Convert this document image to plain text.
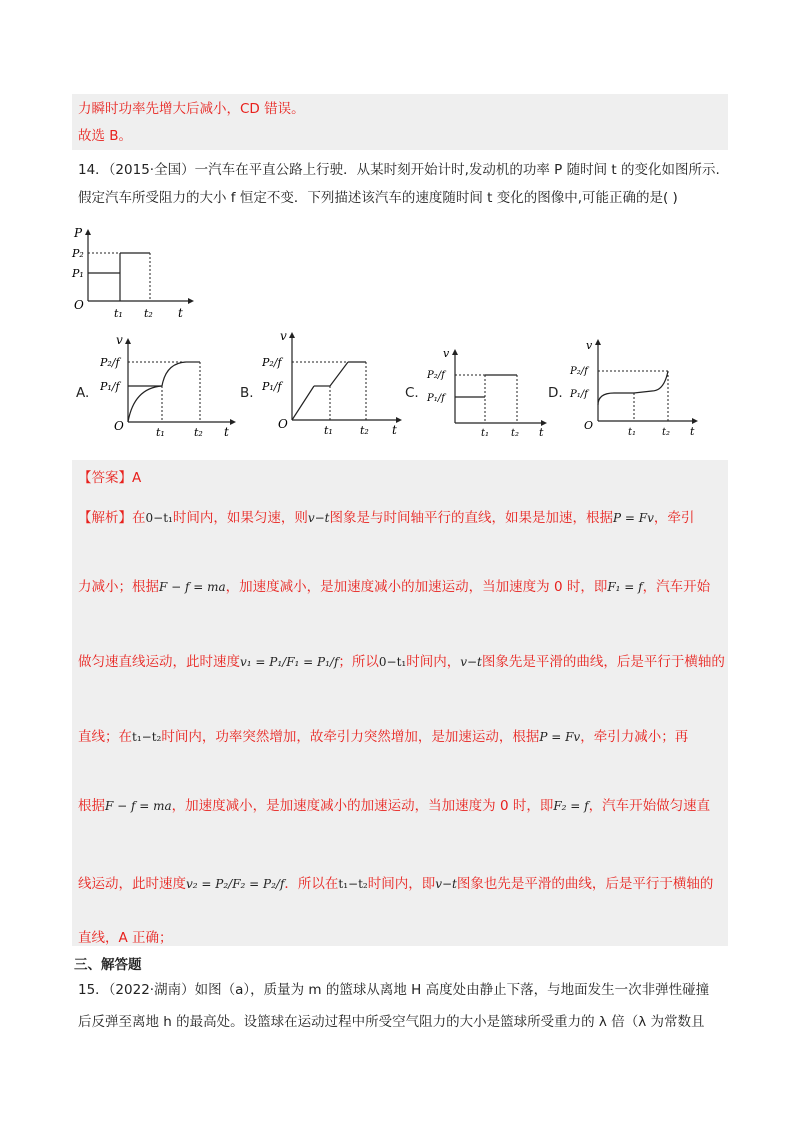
力瞬时功率先增大后减小，CD 错误。
故选 B。
14．（2015·全国）一汽车在平直公路上行驶．从某时刻开始计时,发动机的功率 P 随时间 t 的变化如图所示.
假定汽车所受阻力的大小 f 恒定不变．下列描述该汽车的速度随时间 t 变化的图像中,可能正确的是( )
P
P₂
P₁
O
t₁ t₂ t
A.
v
P₂/f
P₁/f
O	t₁	t₂ t
B.
v
P₂/f
P₁/f
O	t₁ t₂ t
C.
v
P₂/f
P₁/f
t₁ t₂ t
D.
v
P₂/f
P₁/f
O
t₁	t₂ t
【答案】A
【解析】在0−t₁时间内，如果匀速，则v−t图象是与时间轴平行的直线，如果是加速，根据P = Fv，牵引
力减小；根据F − f = ma，加速度减小，是加速度减小的加速运动，当加速度为 0 时，即F₁ = f，汽车开始
做匀速直线运动，此时速度v₁ = P₁/F₁ = P₁/f；所以0−t₁时间内，v−t图象先是平滑的曲线，后是平行于横轴的
直线；在t₁−t₂时间内，功率突然增加，故牵引力突然增加，是加速运动，根据P = Fv，牵引力减小；再
根据F − f = ma，加速度减小，是加速度减小的加速运动，当加速度为 0 时，即F₂ = f，汽车开始做匀速直
线运动，此时速度v₂ = P₂/F₂ = P₂/f．所以在t₁−t₂时间内，即v−t图象也先是平滑的曲线，后是平行于横轴的
直线，A 正确；
三、解答题
15．（2022·湖南）如图（a），质量为 m 的篮球从离地 H 高度处由静止下落，与地面发生一次非弹性碰撞
后反弹至离地 h 的最高处。设篮球在运动过程中所受空气阻力的大小是篮球所受重力的 λ 倍（λ 为常数且
